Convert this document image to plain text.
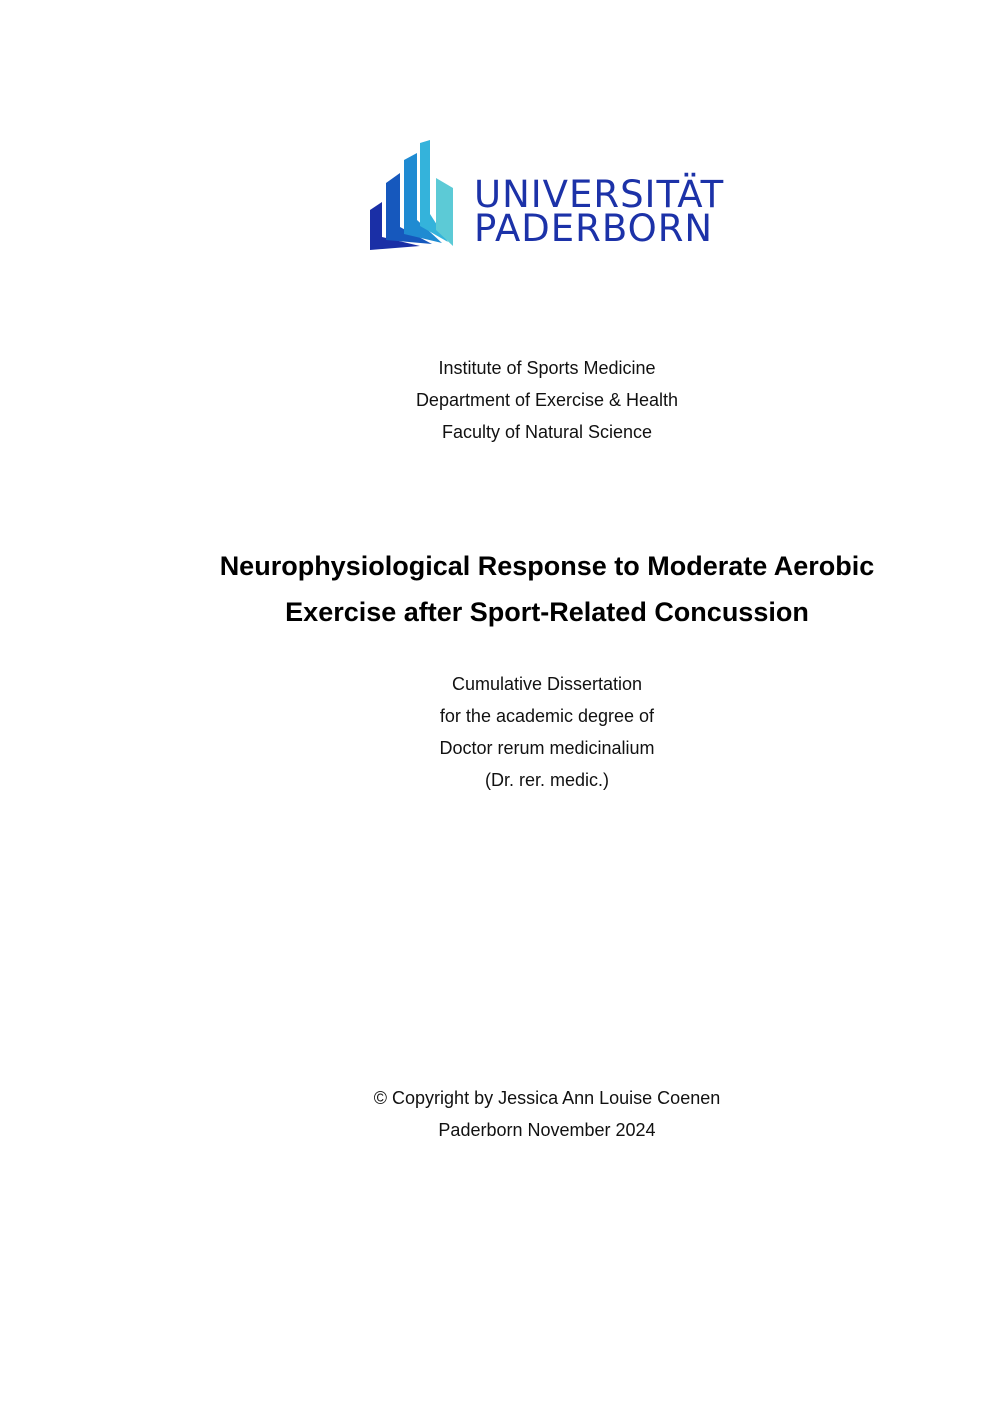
UNIVERSITÄT
PADERBORN
Institute of Sports Medicine
Department of Exercise & Health
Faculty of Natural Science
Neurophysiological Response to Moderate Aerobic
Exercise after Sport-Related Concussion
Cumulative Dissertation
for the academic degree of
Doctor rerum medicinalium
(Dr. rer. medic.)
© Copyright by Jessica Ann Louise Coenen
Paderborn November 2024
